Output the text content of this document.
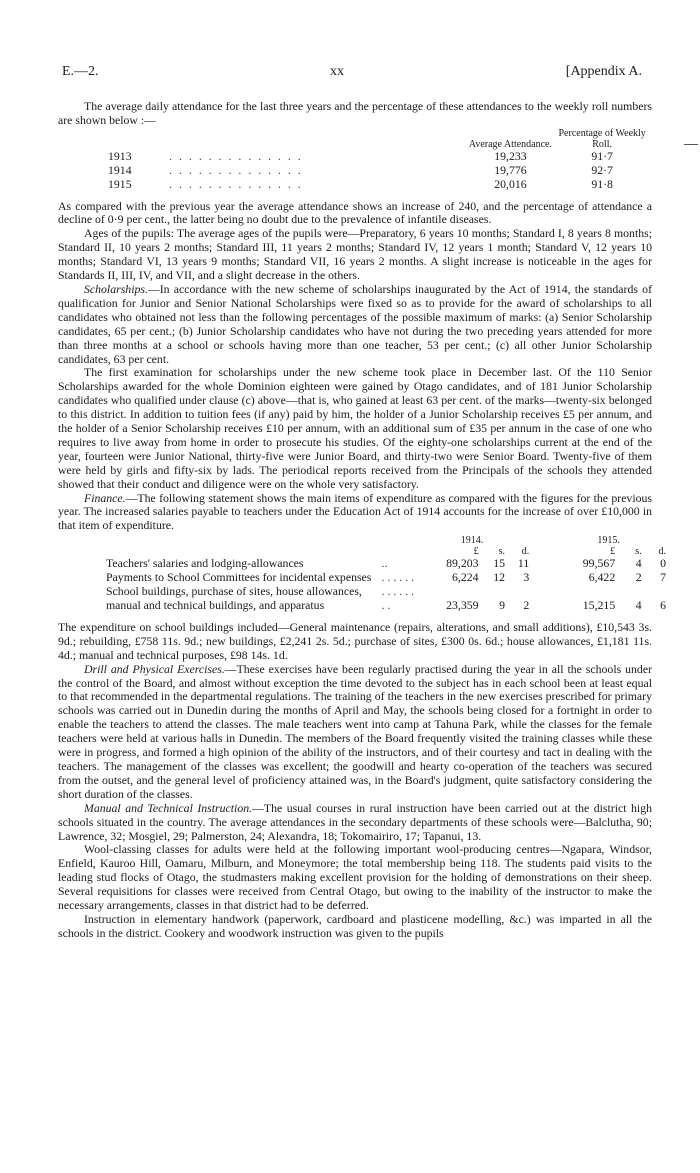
E.—2.	xx	[Appendix A.

The average daily attendance for the last three years and the percentage of these attendances to the weekly roll numbers are shown below :—

		Average Attendance.	Percentage of Weekly Roll.
1913	. . . . . . . . . . . . . .	19,233	91·7
1914	. . . . . . . . . . . . . .	19,776	92·7
1915	. . . . . . . . . . . . . .	20,016	91·8

As compared with the previous year the average attendance shows an increase of 240, and the percentage of attendance a decline of 0·9 per cent., the latter being no doubt due to the prevalence of infantile diseases.

Ages of the pupils: The average ages of the pupils were—Preparatory, 6 years 10 months; Standard I, 8 years 8 months; Standard II, 10 years 2 months; Standard III, 11 years 2 months; Standard IV, 12 years 1 month; Standard V, 12 years 10 months; Standard VI, 13 years 9 months; Standard VII, 16 years 2 months. A slight increase is noticeable in the ages for Standards II, III, IV, and VII, and a slight decrease in the others.

Scholarships.—In accordance with the new scheme of scholarships inaugurated by the Act of 1914, the standards of qualification for Junior and Senior National Scholarships were fixed so as to provide for the award of scholarships to all candidates who obtained not less than the following percentages of the possible maximum of marks: (a) Senior Scholarship candidates, 65 per cent.; (b) Junior Scholarship candidates who have not during the two preceding years attended for more than three months at a school or schools having more than one teacher, 53 per cent.; (c) all other Junior Scholarship candidates, 63 per cent.

The first examination for scholarships under the new scheme took place in December last. Of the 110 Senior Scholarships awarded for the whole Dominion eighteen were gained by Otago candidates, and of 181 Junior Scholarship candidates who qualified under clause (c) above—that is, who gained at least 63 per cent. of the marks—twenty-six belonged to this district. In addition to tuition fees (if any) paid by him, the holder of a Junior Scholarship receives £5 per annum, and the holder of a Senior Scholarship receives £10 per annum, with an additional sum of £35 per annum in the case of one who requires to live away from home in order to prosecute his studies. Of the eighty-one scholarships current at the end of the year, fourteen were Junior National, thirty-five were Junior Board, and thirty-two were Senior Board. Twenty-five of them were held by girls and fifty-six by lads. The periodical reports received from the Principals of the schools they attended showed that their conduct and diligence were on the whole very satisfactory.

Finance.—The following statement shows the main items of expenditure as compared with the figures for the previous year. The increased salaries payable to teachers under the Education Act of 1914 accounts for the increase of over £10,000 in that item of expenditure.

		1914.				1915.		
		£	s.	d.		£	s.	d.
Teachers' salaries and lodging-allowances	..	89,203	15	11		99,567	4	0
Payments to School Committees for incidental expenses	. . . . . .	6,224	12	3		6,422	2	7
School buildings, purchase of sites, house allowances, manual and technical buildings, and apparatus	. . . . . . . .	23,359	9	2		15,215	4	6

The expenditure on school buildings included—General maintenance (repairs, alterations, and small additions), £10,543 3s. 9d.; rebuilding, £758 11s. 9d.; new buildings, £2,241 2s. 5d.; purchase of sites, £300 0s. 6d.; house allowances, £1,181 11s. 4d.; manual and technical purposes, £98 14s. 1d.

Drill and Physical Exercises.—These exercises have been regularly practised during the year in all the schools under the control of the Board, and almost without exception the time devoted to the subject has in each school been at least equal to that recommended in the departmental regulations. The training of the teachers in the new exercises prescribed for primary schools was carried out in Dunedin during the months of April and May, the schools being closed for a fortnight in order to enable the teachers to attend the classes. The male teachers went into camp at Tahuna Park, while the classes for the female teachers were held at various halls in Dunedin. The members of the Board frequently visited the training classes while these were in progress, and formed a high opinion of the ability of the instructors, and of their courtesy and tact in dealing with the teachers. The management of the classes was excellent; the goodwill and hearty co-operation of the teachers was secured from the outset, and the general level of proficiency attained was, in the Board's judgment, quite satisfactory considering the short duration of the classes.

Manual and Technical Instruction.—The usual courses in rural instruction have been carried out at the district high schools situated in the country. The average attendances in the secondary departments of these schools were—Balclutha, 90; Lawrence, 32; Mosgiel, 29; Palmerston, 24; Alexandra, 18; Tokomairiro, 17; Tapanui, 13.

Wool-classing classes for adults were held at the following important wool-producing centres—Ngapara, Windsor, Enfield, Kauroo Hill, Oamaru, Milburn, and Moneymore; the total membership being 118. The students paid visits to the leading stud flocks of Otago, the studmasters making excellent provision for the holding of demonstrations on their sheep. Several requisitions for classes were received from Central Otago, but owing to the inability of the instructor to make the necessary arrangements, classes in that district had to be deferred.

Instruction in elementary handwork (paperwork, cardboard and plasticene modelling, &c.) was imparted in all the schools in the district. Cookery and woodwork instruction was given to the pupils
